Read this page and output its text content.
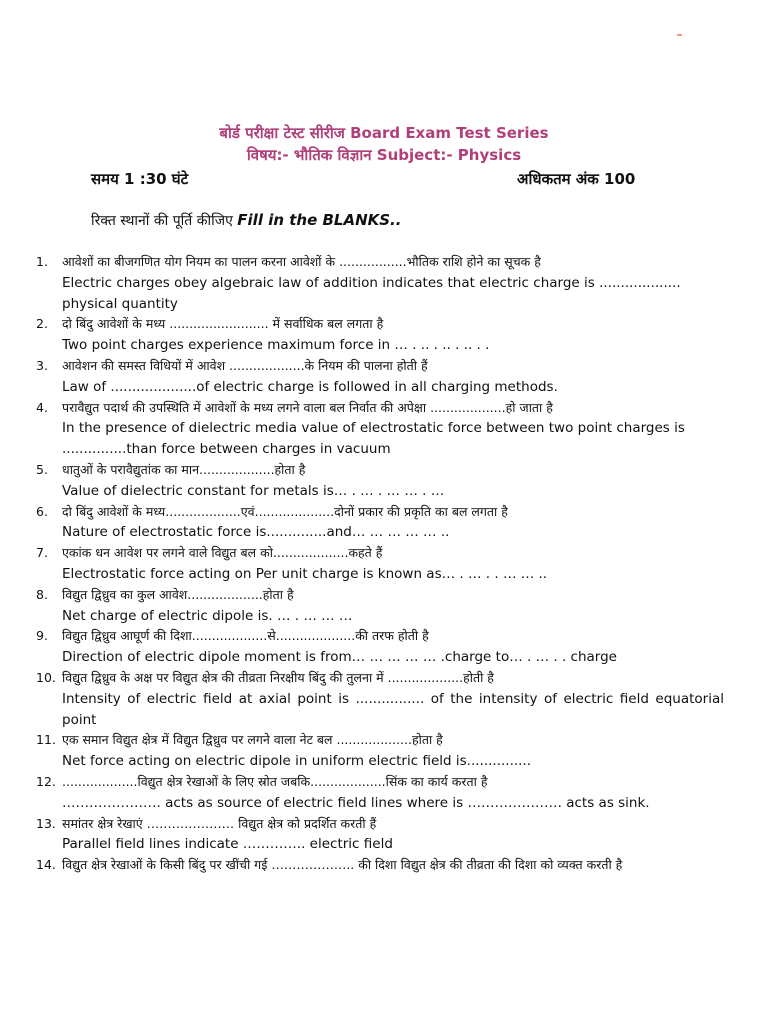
बोर्ड परीक्षा टेस्ट सीरीज Board Exam Test Series
विषय:- भौतिक विज्ञान Subject:- Physics
समय 1 :30 घंटे	अधिकतम अंक 100
रिक्त स्थानों की पूर्ति कीजिए Fill in the BLANKS..
1.	आवेशों का बीजगणित योग नियम का पालन करना आवेशों के .................भौतिक राशि होने का सूचक है
Electric charges obey algebraic law of addition indicates that electric charge is ................... physical quantity
2.	दो बिंदु आवेशों के मध्य ......................... में सर्वाधिक बल लगता है
Two point charges experience maximum force in … . .. . .. . .. . .
3.	आवेशन की समस्त विधियों में आवेश ...................के नियम की पालना होती हैं
Law of ....................of electric charge is followed in all charging methods.
4.	परावैद्युत पदार्थ की उपस्थिति में आवेशों के मध्य लगने वाला बल निर्वात की अपेक्षा ...................हो जाता है
In the presence of dielectric media value of electrostatic force between two point charges is ...............than force between charges in vacuum
5.	धातुओं के परावैद्युतांक का मान...................होता है
Value of dielectric constant for metals is… . … . … … . …
6.	दो बिंदु आवेशों के मध्य...................एवं....................दोनों प्रकार की प्रकृति का बल लगता है
Nature of electrostatic force is..............and… … … … … ..
7.	एकांक धन आवेश पर लगने वाले विद्युत बल को...................कहते हैं
Electrostatic force acting on Per unit charge is known as… . … . . … … ..
8.	विद्युत द्विध्रुव का कुल आवेश...................होता है
Net charge of electric dipole is. … . … … …
9.	विद्युत द्विध्रुव आघूर्ण की दिशा...................से....................की तरफ होती है
Direction of electric dipole moment is from… … … … … .charge to… . … . . charge
10. विद्युत द्विध्रुव के अक्ष पर विद्युत क्षेत्र की तीव्रता निरक्षीय बिंदु की तुलना में ...................होती है
Intensity of electric field at axial point is ................ of the intensity of electric field equatorial point
11. एक समान विद्युत क्षेत्र में विद्युत द्विध्रुव पर लगने वाला नेट बल ...................होता है
Net force acting on electric dipole in uniform electric field is...............
12. ...................विद्युत क्षेत्र रेखाओं के लिए स्रोत जबकि...................सिंक का कार्य करता है
…………………. acts as source of electric field lines where is ………………… acts as sink.
13. समांतर क्षेत्र रेखाएं ………………… विद्युत क्षेत्र को प्रदर्शित करती हैं
Parallel field lines indicate ………….. electric field
14. विद्युत क्षेत्र रेखाओं के किसी बिंदु पर खींची गई ……………….. की दिशा विद्युत क्षेत्र की तीव्रता की दिशा को व्यक्त करती है
